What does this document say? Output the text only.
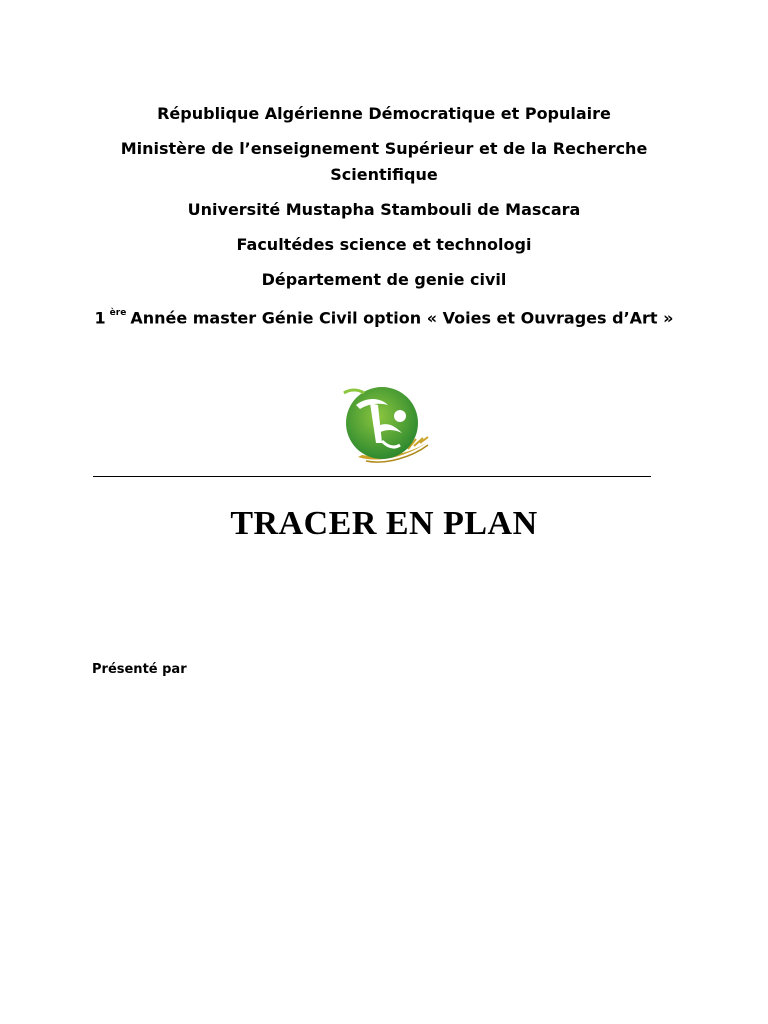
République Algérienne Démocratique et Populaire
Ministère de l’enseignement Supérieur et de la Recherche Scientifique
Université Mustapha Stambouli de Mascara
Facultédes science et technologi
Département de genie civil
1 $^{ère}$ Année master Génie Civil option « Voies et Ouvrages d’Art »
TRACER EN PLAN
Présenté par
